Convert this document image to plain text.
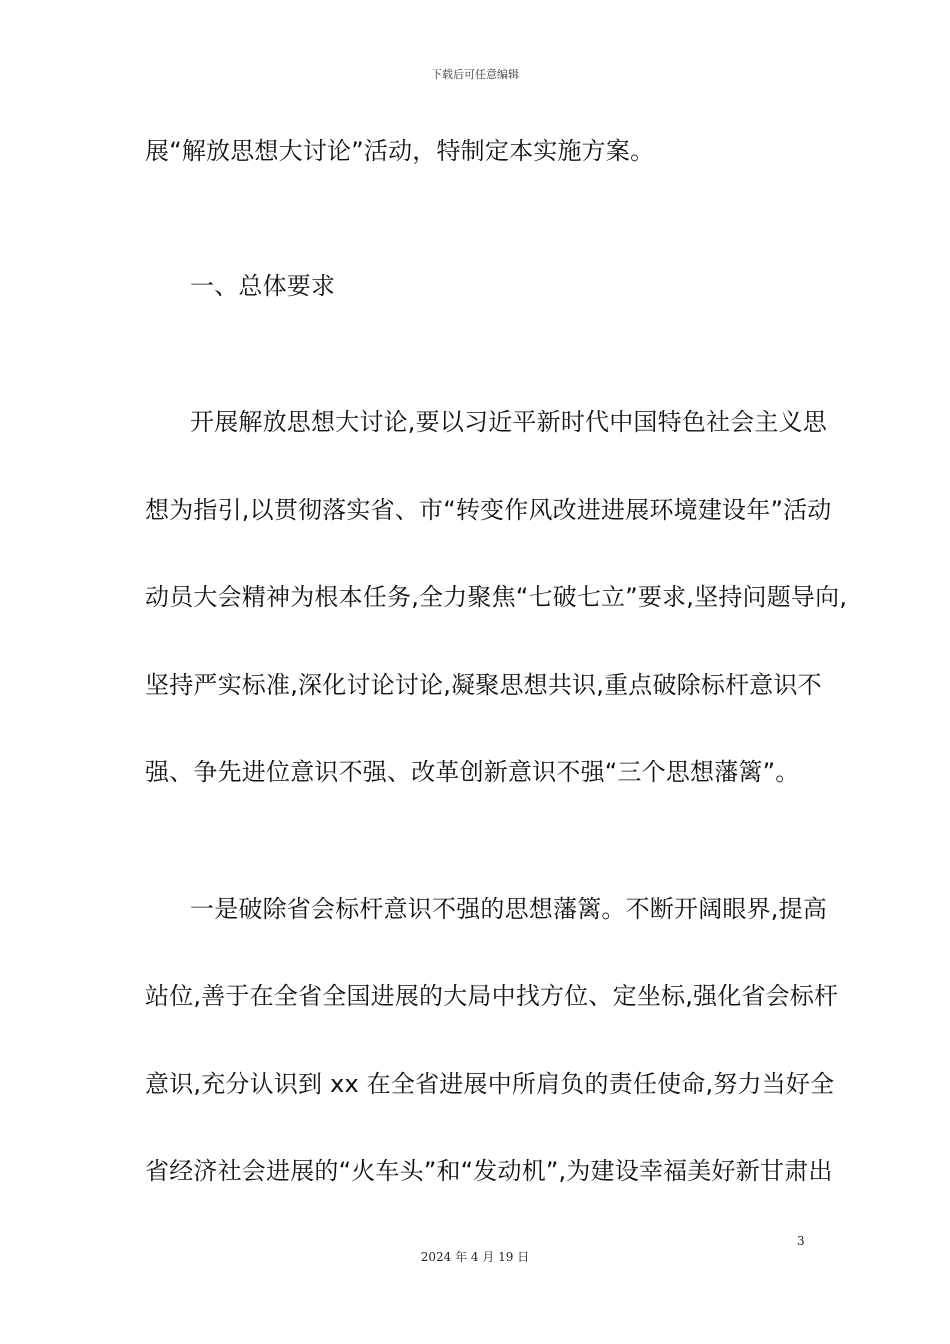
下载后可任意编辑
展“解放思想大讨论”活动，特制定本实施方案。
一、总体要求
开展解放思想大讨论,要以习近平新时代中国特色社会主义思
想为指引,以贯彻落实省、市“转变作风改进进展环境建设年”活动
动员大会精神为根本任务,全力聚焦“七破七立”要求,坚持问题导向,
坚持严实标准,深化讨论讨论,凝聚思想共识,重点破除标杆意识不
强、争先进位意识不强、改革创新意识不强“三个思想藩篱”。
一是破除省会标杆意识不强的思想藩篱。不断开阔眼界,提高
站位,善于在全省全国进展的大局中找方位、定坐标,强化省会标杆
意识,充分认识到 xx 在全省进展中所肩负的责任使命,努力当好全
省经济社会进展的“火车头”和“发动机”,为建设幸福美好新甘肃出
3
2024 年 4 月 19 日
